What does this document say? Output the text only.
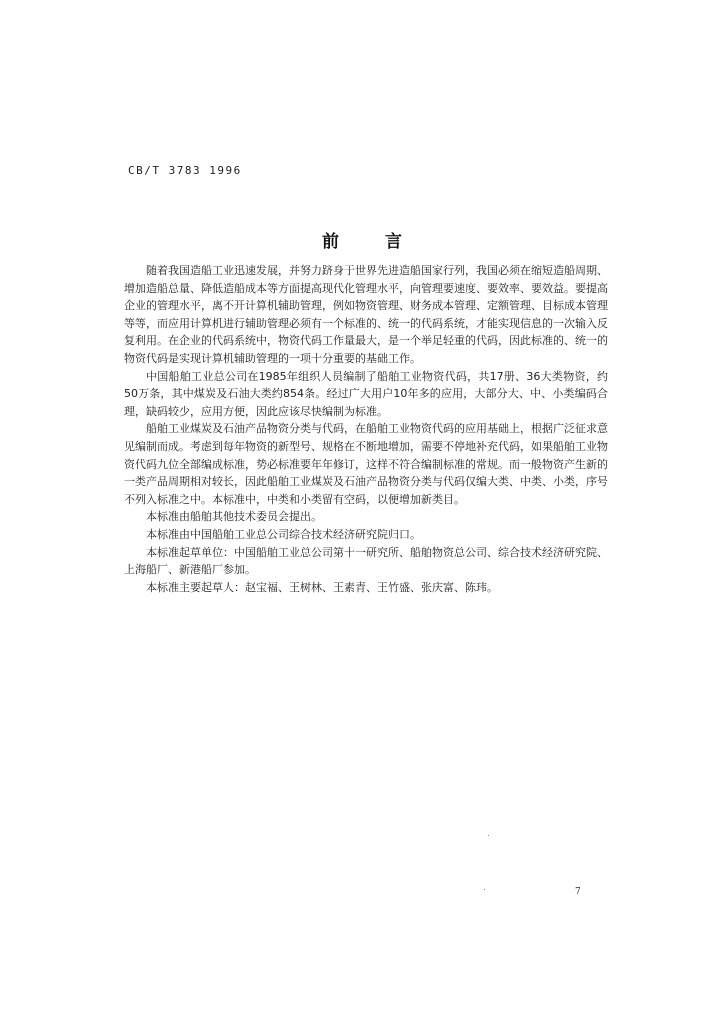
CB/T 3783 1996
前言

随着我国造船工业迅速发展，并努力跻身于世界先进造船国家行列，我国必须在缩短造船周期、增加造船总量、降低造船成本等方面提高现代化管理水平，向管理要速度、要效率、要效益。要提高企业的管理水平，离不开计算机辅助管理，例如物资管理、财务成本管理、定额管理、目标成本管理等等，而应用计算机进行辅助管理必须有一个标准的、统一的代码系统，才能实现信息的一次输入反复利用。在企业的代码系统中，物资代码工作量最大，是一个举足轻重的代码，因此标准的、统一的物资代码是实现计算机辅助管理的一项十分重要的基础工作。

中国船舶工业总公司在1985年组织人员编制了船舶工业物资代码，共17册、36大类物资，约50万条，其中煤炭及石油大类约854条。经过广大用户10年多的应用，大部分大、中、小类编码合理，缺码较少，应用方便，因此应该尽快编制为标准。

船舶工业煤炭及石油产品物资分类与代码，在船舶工业物资代码的应用基础上，根据广泛征求意见编制而成。考虑到每年物资的新型号、规格在不断地增加，需要不停地补充代码，如果船舶工业物资代码九位全部编成标准，势必标准要年年修订，这样不符合编制标准的常规。而一般物资产生新的一类产品周期相对较长，因此船舶工业煤炭及石油产品物资分类与代码仅编大类、中类、小类，序号不列入标准之中。本标准中，中类和小类留有空码，以便增加新类目。

本标准由船舶其他技术委员会提出。

本标准由中国船舶工业总公司综合技术经济研究院归口。

本标准起草单位：中国船舶工业总公司第十一研究所、船舶物资总公司、综合技术经济研究院、上海船厂、新港船厂参加。

本标准主要起草人：赵宝福、王树林、王素青、王竹盛、张庆富、陈玮。

7
